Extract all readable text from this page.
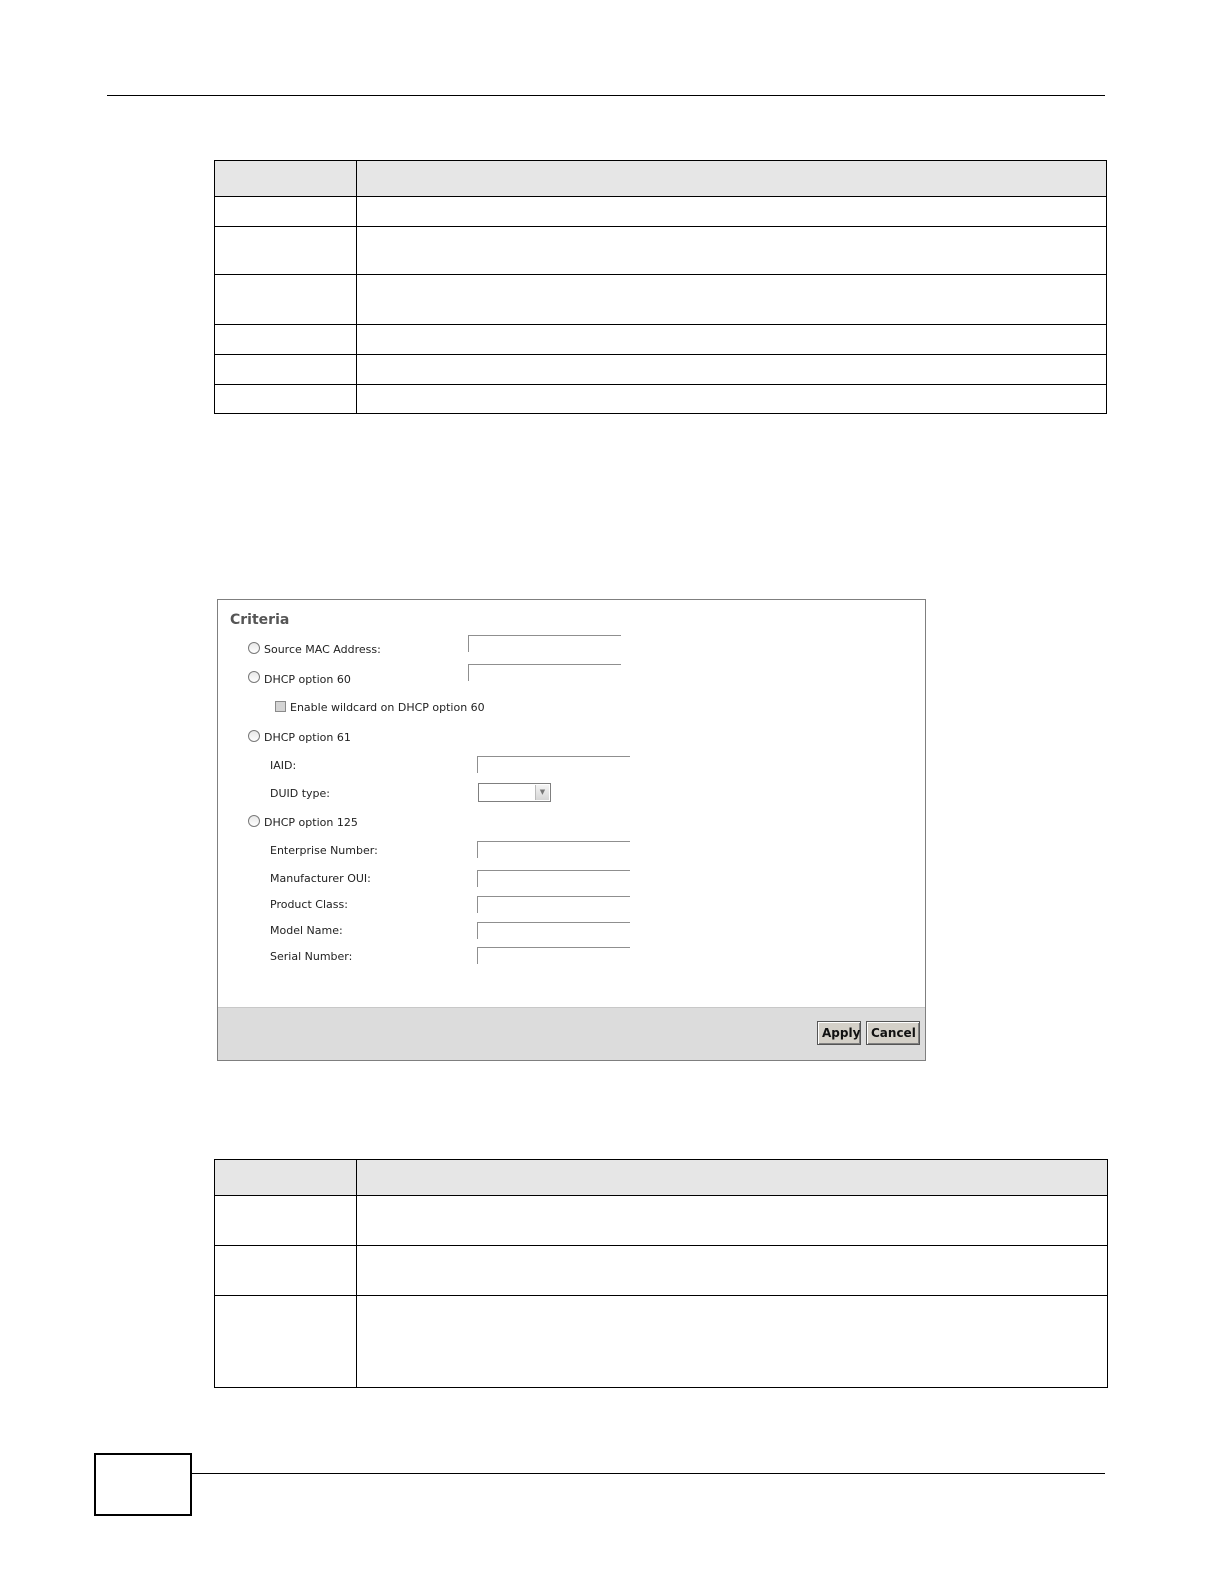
Criteria
Source MAC Address:
DHCP option 60
Enable wildcard on DHCP option 60
DHCP option 61
IAID:
DUID type:	▼
DHCP option 125
Enterprise Number:
Manufacturer OUI:
Product Class:
Model Name:
Serial Number:
Apply Cancel
